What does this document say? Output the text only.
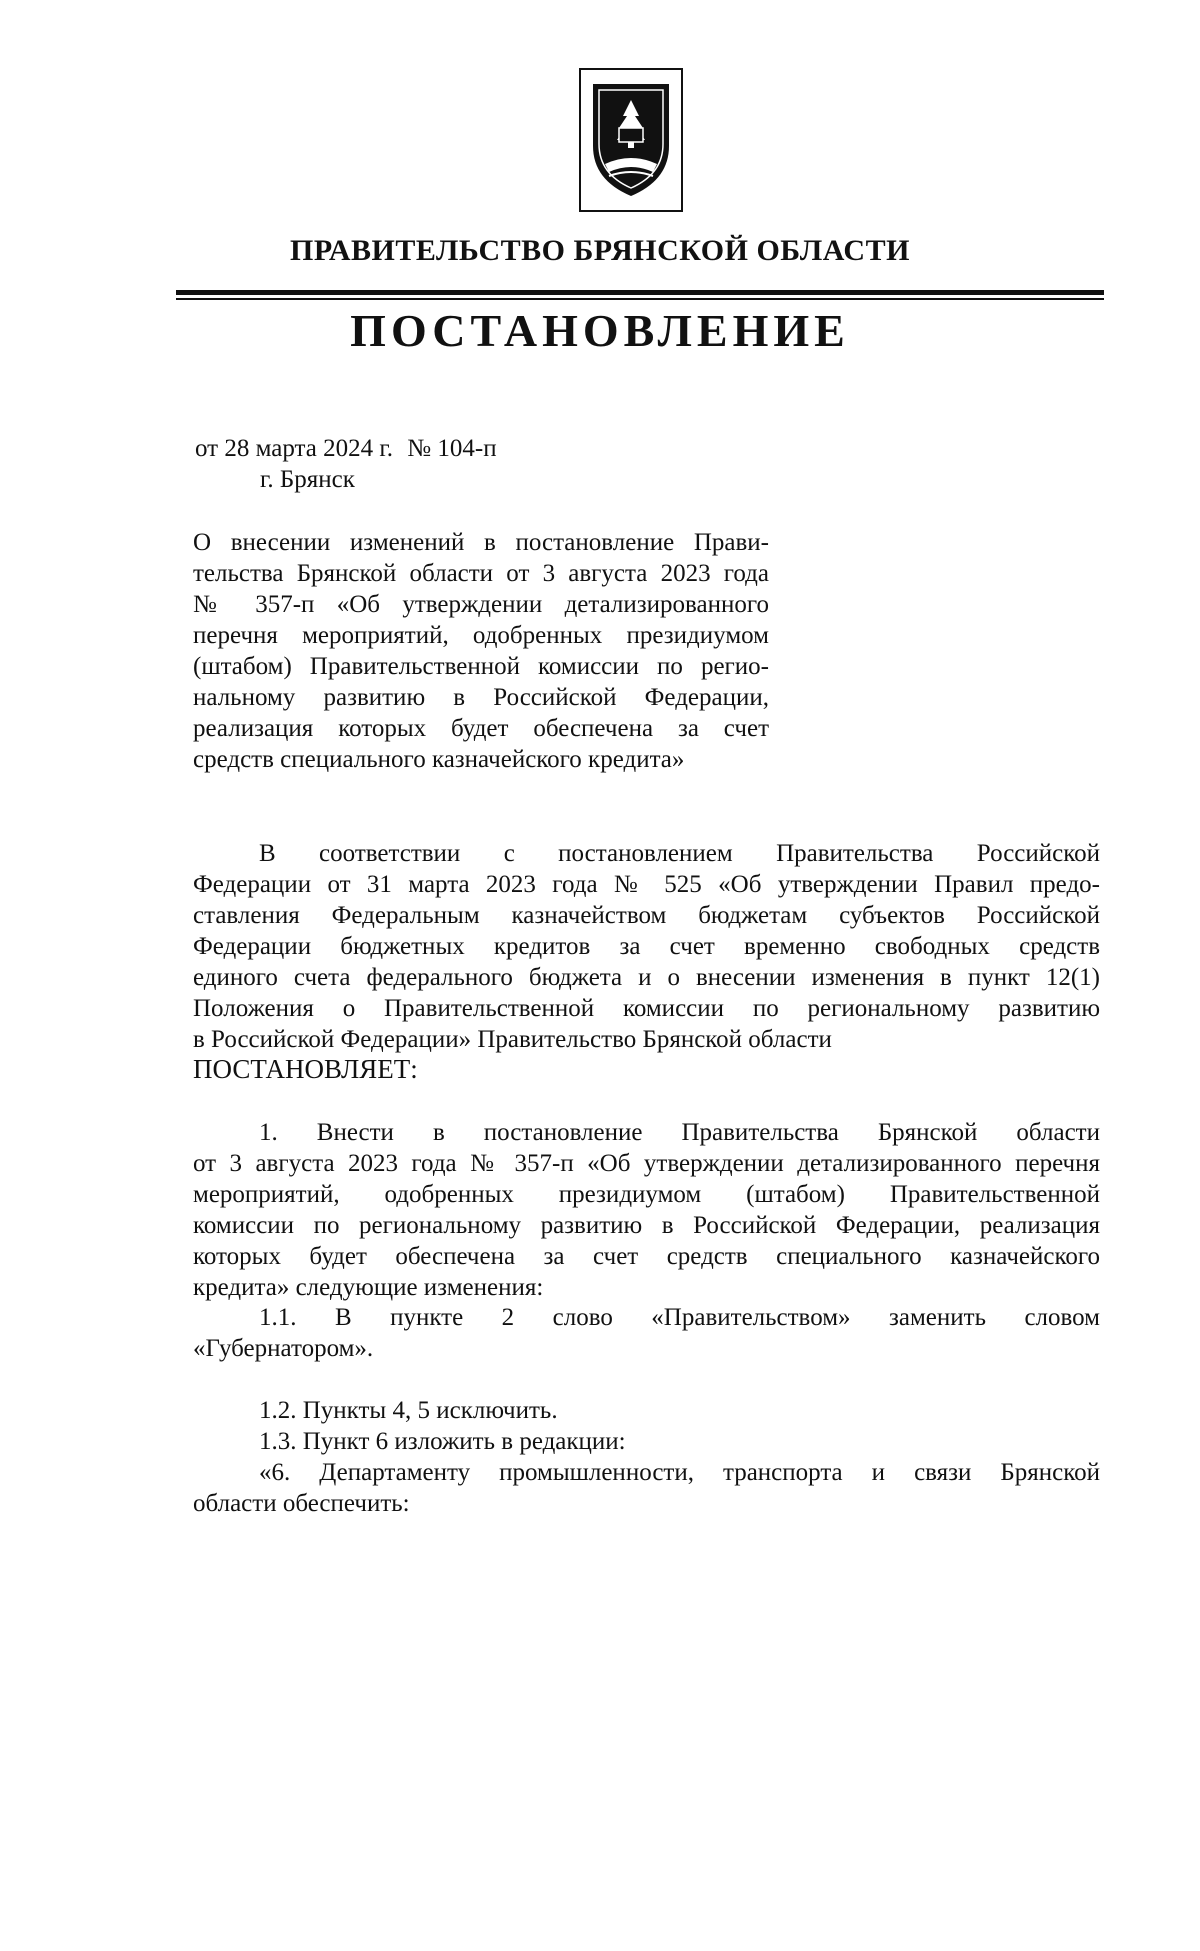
ПРАВИТЕЛЬСТВО БРЯНСКОЙ ОБЛАСТИ
ПОСТАНОВЛЕНИЕ
от 28 марта 2024 г. № 104-п
г. Брянск
О внесении изменений в постановление Прави-
тельства Брянской области от 3 августа 2023 года
№ 357-п «Об утверждении детализированного
перечня мероприятий, одобренных президиумом
(штабом) Правительственной комиссии по регио-
нальному развитию в Российской Федерации,
реализация которых будет обеспечена за счет
средств специального казначейского кредита»
В соответствии с постановлением Правительства Российской
Федерации от 31 марта 2023 года № 525 «Об утверждении Правил предо-
ставления Федеральным казначейством бюджетам субъектов Российской
Федерации бюджетных кредитов за счет временно свободных средств
единого счета федерального бюджета и о внесении изменения в пункт 12(1)
Положения о Правительственной комиссии по региональному развитию
в Российской Федерации» Правительство Брянской области
ПОСТАНОВЛЯЕТ:
1. Внести в постановление Правительства Брянской области
от 3 августа 2023 года № 357-п «Об утверждении детализированного перечня
мероприятий, одобренных президиумом (штабом) Правительственной
комиссии по региональному развитию в Российской Федерации, реализация
которых будет обеспечена за счет средств специального казначейского
кредита» следующие изменения:
1.1. В пункте 2 слово «Правительством» заменить словом
«Губернатором».
1.2. Пункты 4, 5 исключить.
1.3. Пункт 6 изложить в редакции:
«6. Департаменту промышленности, транспорта и связи Брянской
области обеспечить:
